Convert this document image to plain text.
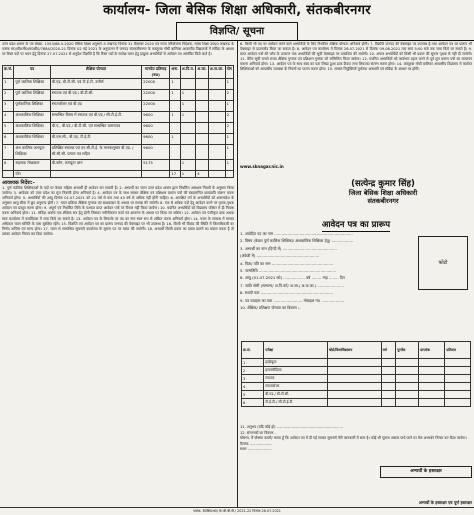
कार्यालय- जिला बेसिक शिक्षा अधिकारी, संतकबीरनगर
विज्ञप्ति/ सूचना
उत्तर प्रदेश शासन के पत्र संख्या- 1553/68-5-2020 बेसिक शिक्षा अनुभाग-5 लखनऊ दिनांक 31 दिसम्बर 2020 एवं राज्य परियोजना निदेशक, समग्र शिक्षा उ0प्र0 लखनऊ के पत्रांक सं0/बी0सी0/सं0सी0/7884/2020-21 दिनांक 02 मई 2021 के अनुपालन में जनपद संतकबीरनगर के कस्तूरबा गाँधी बालिका आवासीय विद्यालयों में संविदा के आधार पर रिक्त पदों पर चयन हेतु दिनांक 27.07.2021 से अनुदेश विज्ञप्ति है कि रिक्त पदों के सापेक्ष चयन हेतु इच्छुक अभ्यर्थियों से आवेदन पत्र आमंत्रित किये जाते है।
क्र.सं.	पद	शैक्षिक योग्यता	मानदेय प्रतिमाह (रु0)	अना.	अ.पि.व.	अ.जा.	अ.ज.जा.	योग
1	पूर्ण कालिक शिक्षिका	बी.एड, बी.टी.सी. एवं टी.ई.टी. उत्तीर्ण	22000	1				1
2	पूर्ण कालिक शिक्षिका	स्नातक एवं बी.एड / बी.टी.सी.	22000	1	1			2
3	पूर्णकालिक शिक्षिका	स्नातकोत्तर एवं बी.एड	22000		1			1
4	अंशकालिक शिक्षिका	सम्बन्धित विषय में स्नातक एवं बी.एड / सी.टी.ई.टी.	9600	1	1			2
5	अंशकालिक शिक्षिका	बी.ए., बी.एड / बी.टी.सी. एवं सम्बन्धित प्रमाणपत्र	9600					2
6	अंशकालिक शिक्षिका	बी.एस.सी., बी.एड, टी.ई.टी.	9600	1				1
7	अंश कालिक कम्प्यूटर शिक्षिका	प्रशिक्षित स्नातक एवं एन.सी.टी.ई. के मानकानुसार बी.एड. / सी.सी.सी. प्रमाण पत्र सहित	9600					1
8	सहायक लेखाकार	बी.कॉम, कम्प्यूटर ज्ञान	5175		1			1
	योग			17	1	4		
आवश्यक निर्देश:-
1. पूर्ण कालिक शिक्षिकाओं के पदों पर केवल महिला अभ्यर्थी ही आवेदन कर सकती है। 2. अभ्यर्थी का चयन उत्तर प्रदेश शासन द्वारा निर्धारित आरक्षण नियमों के अनुसार किया जायेगा। 3. आवेदक को उत्तर प्रदेश का मूल निवासी होना अनिवार्य है। 4. आवेदन पत्र के साथ समस्त शैक्षिक एवं प्रशिक्षण प्रमाण पत्रों की स्वप्रमाणित छायाप्रति संलग्न करना अनिवार्य होगा। 5. अभ्यर्थियों की आयु दिनांक 01.07.2021 को 21 वर्ष से कम तथा 45 वर्ष से अधिक नहीं होनी चाहिए। 6. आरक्षित वर्ग के अभ्यर्थियों को शासनादेश के अनुसार आयु सीमा में छूट अनुमन्य होगी। 7. चयन प्रक्रिया शैक्षिक गुणांक एवं साक्षात्कार के आधार पर सम्पन्न की जायेगी। 8. एक से अधिक पदों हेतु आवेदन करने पर पृथक-पृथक आवेदन पत्र प्रस्तुत करना होगा। 9. अपूर्ण एवं निर्धारित तिथि के पश्चात प्राप्त आवेदन पत्रों पर विचार नहीं किया जायेगा। 10. चयनित अभ्यर्थियों को विद्यालय परिसर में ही निवास करना अनिवार्य होगा। 11. संविदा अवधि एक शैक्षिक सत्र हेतु होगी जिसका नवीनीकरण कार्य एवं आचरण के आधार पर किया जा सकेगा। 12. आवेदन पत्र पंजीकृत डाक अथवा स्वयं कार्यालय में कार्यदिवस में जमा किये जा सकते है। 13. आवेदन पत्र के लिफाफे पर पद का नाम स्पष्ट रूप से अंकित करना अनिवार्य होगा। 14. चयन के सम्बन्ध में समस्त अधिकार चयन समिति के पास सुरक्षित रहेंगे। 15. विज्ञप्ति एवं आवेदन पत्र का प्रारूप जनपद की वेबसाइट पर भी उपलब्ध है। 16. किसी भी विवाद की स्थिति में जिलाधिकारी का निर्णय अन्तिम एवं मान्य होगा। 17. चयन से सम्बन्धित सूचनाएँ कार्यालय के सूचना पट पर चस्पा की जायेगी। 18. अभ्यर्थी किसी प्रकार का दबाव डालने का प्रयास करता है तो उसका आवेदन निरस्त कर दिया जायेगा।
6. किसी भी पद पर आवेदन करने वाले अभ्यर्थियों के लिए निर्धारित शैक्षिक योग्यता अनिवार्य होगी। 7. विज्ञप्ति जनपद की वेबसाइट पर उपलब्ध है तथा आवेदन पत्र का प्रारूप भी वेबसाइट से डाउनलोड किया जा सकता है। 8. आवेदन पत्र कार्यालय में दिनांक 26.07.2021 से दिनांक 09.08.2021 तक सायं 5:00 बजे तक जमा किये जा सकते है। 9. प्राप्त आवेदन पत्रों की जाँच के उपरान्त पात्र अभ्यर्थियों की सूची वेबसाइट पर प्रकाशित की जायेगी। 10. अपात्र अभ्यर्थियों को किसी भी प्रकार की सूचना पृथक से नहीं दी जायेगी। 11. मेरिट सूची बनाते समय शैक्षिक गुणांक एवं प्रशिक्षण गुणांक को सम्मिलित किया जायेगा। 12. चयनित अभ्यर्थियों को कार्यभार ग्रहण करने से पूर्व मूल प्रमाण पत्रों का सत्यापन कराना अनिवार्य होगा। 13. आवेदन पत्र के साथ स्वयं का पता लिखा हुआ डाक टिकट लगा लिफाफा संलग्न करना होगा। 14. कस्तूरबा गाँधी बालिका आवासीय विद्यालय में कार्यरत शिक्षिकाओं को आवासीय व्यवस्था के नियमों का पालन करना होगा। 15. समस्त नियुक्तियाँ पूर्णतया अस्थायी एवं संविदा के आधार पर होंगी।
www.sknagar.nic.in
(सत्येन्द्र कुमार सिंह)
जिला बेसिक शिक्षा अधिकारी
संतकबीरनगर
आवेदन पत्र का प्रारूप
1. आवेदित पद का नाम .................................................................
2. विषय (केवल पूर्ण कालिक शिक्षिका/ अंशकालिक शिक्षिका हेतु) ..................
3. अभ्यर्थी का नाम (हिन्दी में) .............................................
(अंग्रेजी में) ....................................................
4. पिता/ पति का नाम ...................................................
5. जन्मतिथि ................................................................
6. आयु (01.07.2021 को) .................. वर्ष ........ माह ........ दिन
7. जाति श्रेणी (सामान्य/ अ.पि.वर्ग/ अ.जा./ अ.ज.जा.) ......................
8. स्थायी पता ............................................................
9. पत्र व्यवहार का पता ........................ मोबाइल नं0 ...................
10. शैक्षिक/ प्रशिक्षण योग्यता का विवरण :-
फोटो
क्र.सं.	परीक्षा	बोर्ड/विश्वविद्यालय	वर्ष	पूर्णांक	प्राप्तांक	प्रतिशत
1	हाईस्कूल					
2	इण्टरमीडिएट					
3	स्नातक					
4	स्नातकोत्तर					
5	बी.एड./ बी.टी.सी.					
6	टी.ई.टी./ सी.टी.ई.टी.					
11. अनुभव (यदि कोई हो) ..........................................................
12. संलग्नकों का विवरण -
घोषणा- मैं घोषणा करती/ करता हूँ कि आवेदन पत्र में दी गई समस्त सूचनाएँ मेरी जानकारी में सत्य है। कोई भी सूचना असत्य पाये जाने पर मेरा अभ्यर्थन निरस्त कर दिया जायेगा।
दिनांक ....................
स्थान .....................
अभ्यर्थी के हस्ताक्षर
अभ्यर्थी के हस्ताक्षर एवं पूर्ण हस्ताक्षर
पत्रांक- बे0शि0अ0/ के.जी.बी.वी./ 2021-22 दिनांक 26.07.2021
